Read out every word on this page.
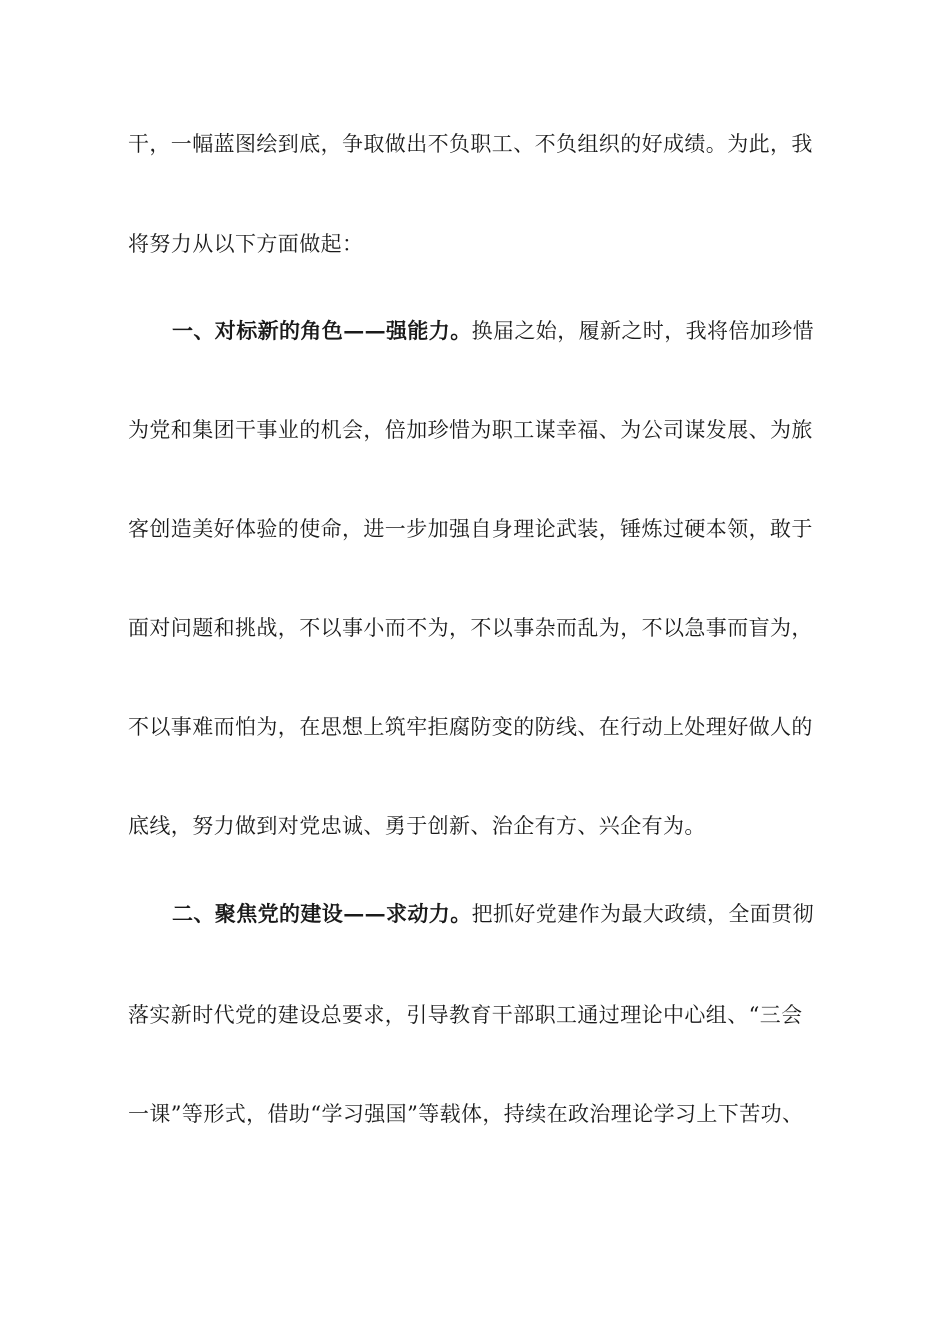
干，一幅蓝图绘到底，争取做出不负职工、不负组织的好成绩。为此，我
将努力从以下方面做起：
一、对标新的角色——强能力。换届之始，履新之时，我将倍加珍惜
为党和集团干事业的机会，倍加珍惜为职工谋幸福、为公司谋发展、为旅
客创造美好体验的使命，进一步加强自身理论武装，锤炼过硬本领，敢于
面对问题和挑战，不以事小而不为，不以事杂而乱为，不以急事而盲为，
不以事难而怕为，在思想上筑牢拒腐防变的防线、在行动上处理好做人的
底线，努力做到对党忠诚、勇于创新、治企有方、兴企有为。
二、聚焦党的建设——求动力。把抓好党建作为最大政绩，全面贯彻
落实新时代党的建设总要求，引导教育干部职工通过理论中心组、“三会
一课”等形式，借助“学习强国”等载体，持续在政治理论学习上下苦功、
